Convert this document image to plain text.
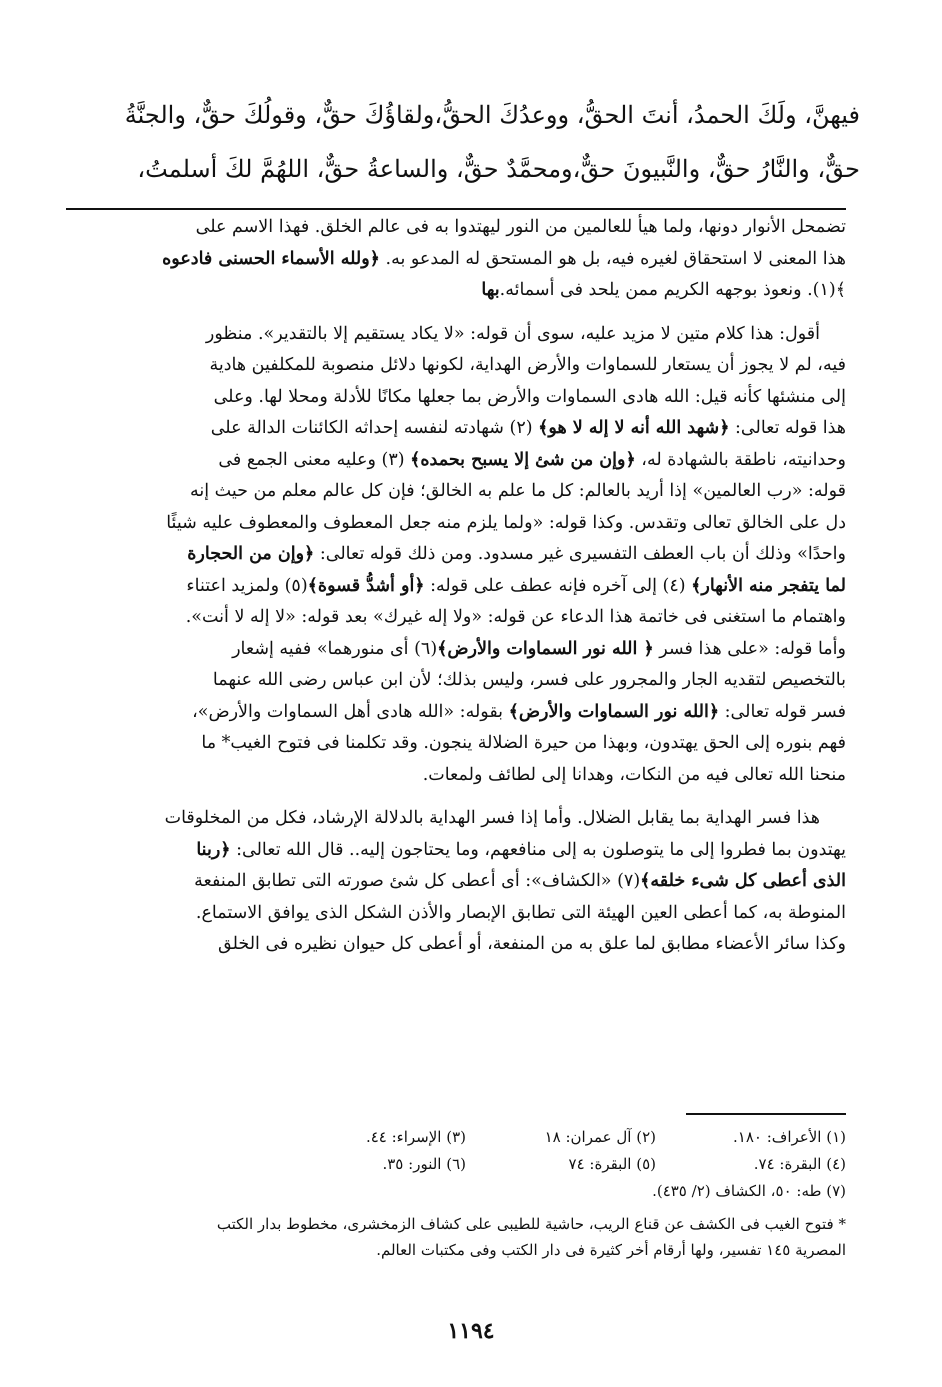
فيهنَّ، ولَكَ الحمدُ، أنتَ الحقُّ، ووعدُكَ الحقُّ،ولقاؤُكَ حقٌّ، وقولُكَ حقٌّ، والجنَّةُ
حقٌّ، والنَّارُ حقٌّ، والنَّبيونَ حقٌّ،ومحمَّدٌ حقٌّ، والساعةُ حقٌّ، اللهُمَّ لكَ أسلمتُ،
تضمحل الأنوار دونها، ولما هيأ للعالمين من النور ليهتدوا به فى عالم الخلق. فهذا الاسم على
هذا المعنى لا استحقاق لغيره فيه، بل هو المستحق له المدعو به. ﴿ولله الأسماء الحسنى فادعوه
﴾(١). ونعوذ بوجهه الكريم ممن يلحد فى أسمائه.بها
أقول: هذا كلام متين لا مزيد عليه، سوى أن قوله: «لا يكاد يستقيم إلا بالتقدير». منظور
فيه، لم لا يجوز أن يستعار للسماوات والأرض الهداية، لكونها دلائل منصوبة للمكلفين هادية
إلى منشئها كأنه قيل: الله هادى السماوات والأرض بما جعلها مكانًا للأدلة ومحلا لها. وعلى
هذا قوله تعالى: ﴿شهد الله أنه لا إله لا هو﴾ (٢) شهادته لنفسه إحداثه الكائنات الدالة على
وحدانيته، ناطقة بالشهادة له، ﴿وإن من شئ إلا يسبح بحمده﴾ (٣) وعليه معنى الجمع فى
قوله: «رب العالمين» إذا أريد بالعالم: كل ما علم به الخالق؛ فإن كل عالم معلم من حيث إنه
دل على الخالق تعالى وتقدس. وكذا قوله: «ولما يلزم منه جعل المعطوف والمعطوف عليه شيئًا
واحدًا» وذلك أن باب العطف التفسيرى غير مسدود. ومن ذلك قوله تعالى: ﴿وإن من الحجارة
لما يتفجر منه الأنهار﴾ (٤) إلى آخره فإنه عطف على قوله: ﴿أو أشدُّ قسوة﴾(٥) ولمزيد اعتناء
واهتمام ما استغنى فى خاتمة هذا الدعاء عن قوله: «ولا إله غيرك» بعد قوله: «لا إله لا أنت».
وأما قوله: «على هذا فسر ﴿ الله نور السماوات والأرض﴾(٦) أى منورهما» ففيه إشعار
بالتخصيص لتقديه الجار والمجرور على فسر، وليس بذلك؛ لأن ابن عباس رضى الله عنهما
فسر قوله تعالى: ﴿الله نور السماوات والأرض﴾ بقوله: «الله هادى أهل السماوات والأرض»،
فهم بنوره إلى الحق يهتدون، وبهذا من حيرة الضلالة ينجون. وقد تكلمنا فى فتوح الغيب* ما
منحنا الله تعالى فيه من النكات، وهدانا إلى لطائف ولمعات.
هذا فسر الهداية بما يقابل الضلال. وأما إذا فسر الهداية بالدلالة الإرشاد، فكل من المخلوقات
يهتدون بما فطروا إلى ما يتوصلون به إلى منافعهم، وما يحتاجون إليه.. قال الله تعالى: ﴿ربنا
الذى أعطى كل شىء خلقه﴾(٧) «الكشاف»: أى أعطى كل شئ صورته التى تطابق المنفعة
المنوطة به، كما أعطى العين الهيئة التى تطابق الإبصار والأذن الشكل الذى يوافق الاستماع.
وكذا سائر الأعضاء مطابق لما علق به من المنفعة، أو أعطى كل حيوان نظيره فى الخلق
(١) الأعراف: ١٨٠.
(٢) آل عمران: ١٨
(٣) الإسراء: ٤٤.
(٤) البقرة: ٧٤.
(٥) البقرة: ٧٤
(٦) النور: ٣٥.
(٧) طه: ٥٠، الكشاف (٢/ ٤٣٥).
* فتوح الغيب فى الكشف عن قناع الريب، حاشية للطيبى على كشاف الزمخشرى، مخطوط بدار الكتب
المصرية ١٤٥ تفسير، ولها أرقام أخر كثيرة فى دار الكتب وفى مكتبات العالم.
١١٩٤
